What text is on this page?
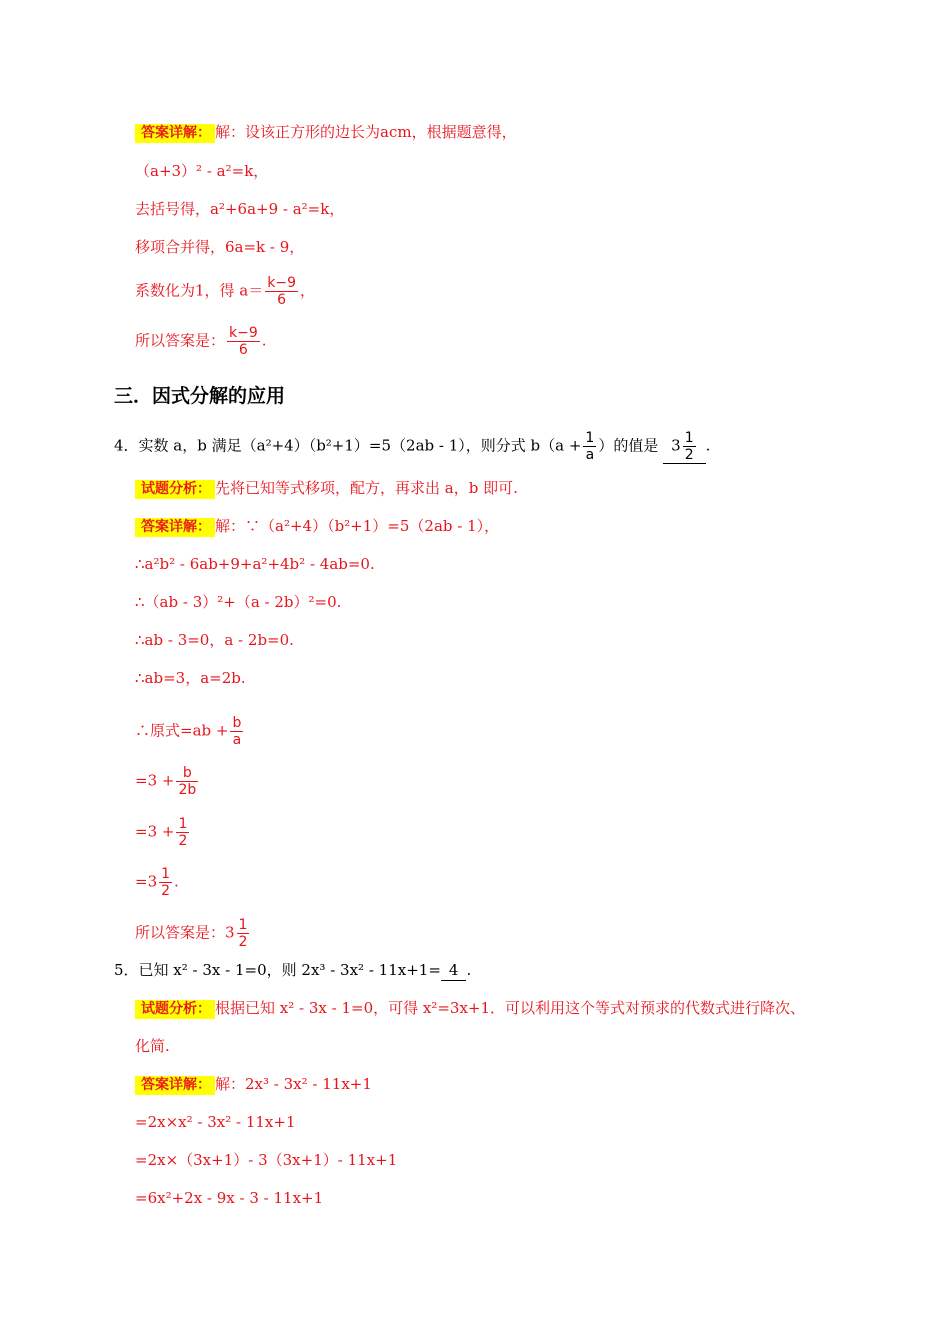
答案详解： 解：设该正方形的边长为acm，根据题意得，
（a+3）² - a²=k，
去括号得，a²+6a+9 - a²=k，
移项合并得，6a=k - 9，
系数化为1，得 $a= \frac{k-9}{6}$ ，
所以答案是： $\frac{k-9}{6}$ .
三．因式分解的应用
4．实数 a，b 满足（a²+4）（b²+1）=5（2ab - 1），则分式 $b(a + \frac{1}{a}$ ）的值是 $3 \frac{1}{2}$ .
试题分析： 先将已知等式移项，配方，再求出 a，b 即可.
答案详解： 解：∵（a²+4）（b²+1）=5（2ab - 1），
∴a²b² - 6ab+9+a²+4b² - 4ab=0.
∴（ab - 3）²+（a - 2b）²=0.
∴ab - 3=0，a - 2b=0.
∴ab=3，a=2b.
∴原式$=ab + \frac{b}{a}$
$=3 + \frac{b}{2b}$
$=3 + \frac{1}{2}$
$=3 \frac{1}{2}$ .
所以答案是：$3 \frac{1}{2}$
5．已知 x² - 3x - 1=0，则 2x³ - 3x² - 11x+1= 4 .
试题分析： 根据已知 x² - 3x - 1=0，可得 x²=3x+1．可以利用这个等式对预求的代数式进行降次、
化简.
答案详解： 解：2x³ - 3x² - 11x+1
=2x×x² - 3x² - 11x+1
=2x×（3x+1）- 3（3x+1）- 11x+1
=6x²+2x - 9x - 3 - 11x+1
